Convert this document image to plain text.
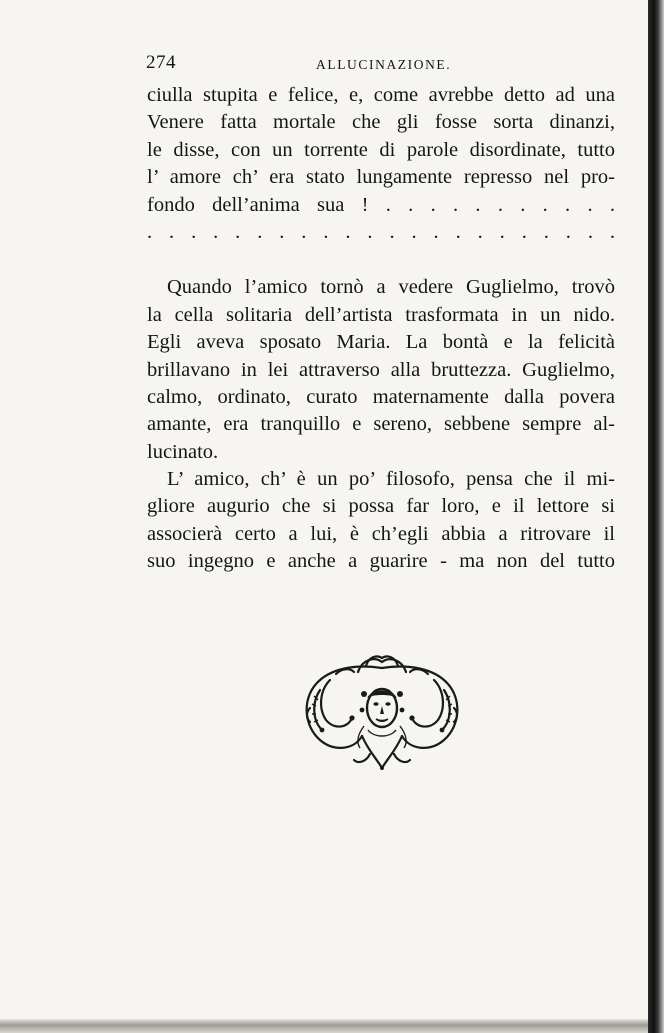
274	ALLUCINAZIONE.
ciulla stupita e felice, e, come avrebbe detto ad una
Venere fatta mortale che gli fosse sorta dinanzi,
le disse, con un torrente di parole disordinate, tutto
l’ amore ch’ era stato lungamente represso nel pro-
fondo dell’anima sua ! . . . . . . . . . . .
. . . . . . . . . . . . . . . . . . . . . .
Quando l’amico tornò a vedere Guglielmo, trovò
la cella solitaria dell’artista trasformata in un nido.
Egli aveva sposato Maria. La bontà e la felicità
brillavano in lei attraverso alla bruttezza. Guglielmo,
calmo, ordinato, curato maternamente dalla povera
amante, era tranquillo e sereno, sebbene sempre al-
lucinato.
L’ amico, ch’ è un po’ filosofo, pensa che il mi-
gliore augurio che si possa far loro, e il lettore si
associerà certo a lui, è ch’egli abbia a ritrovare il
suo ingegno e anche a guarire - ma non del tutto
